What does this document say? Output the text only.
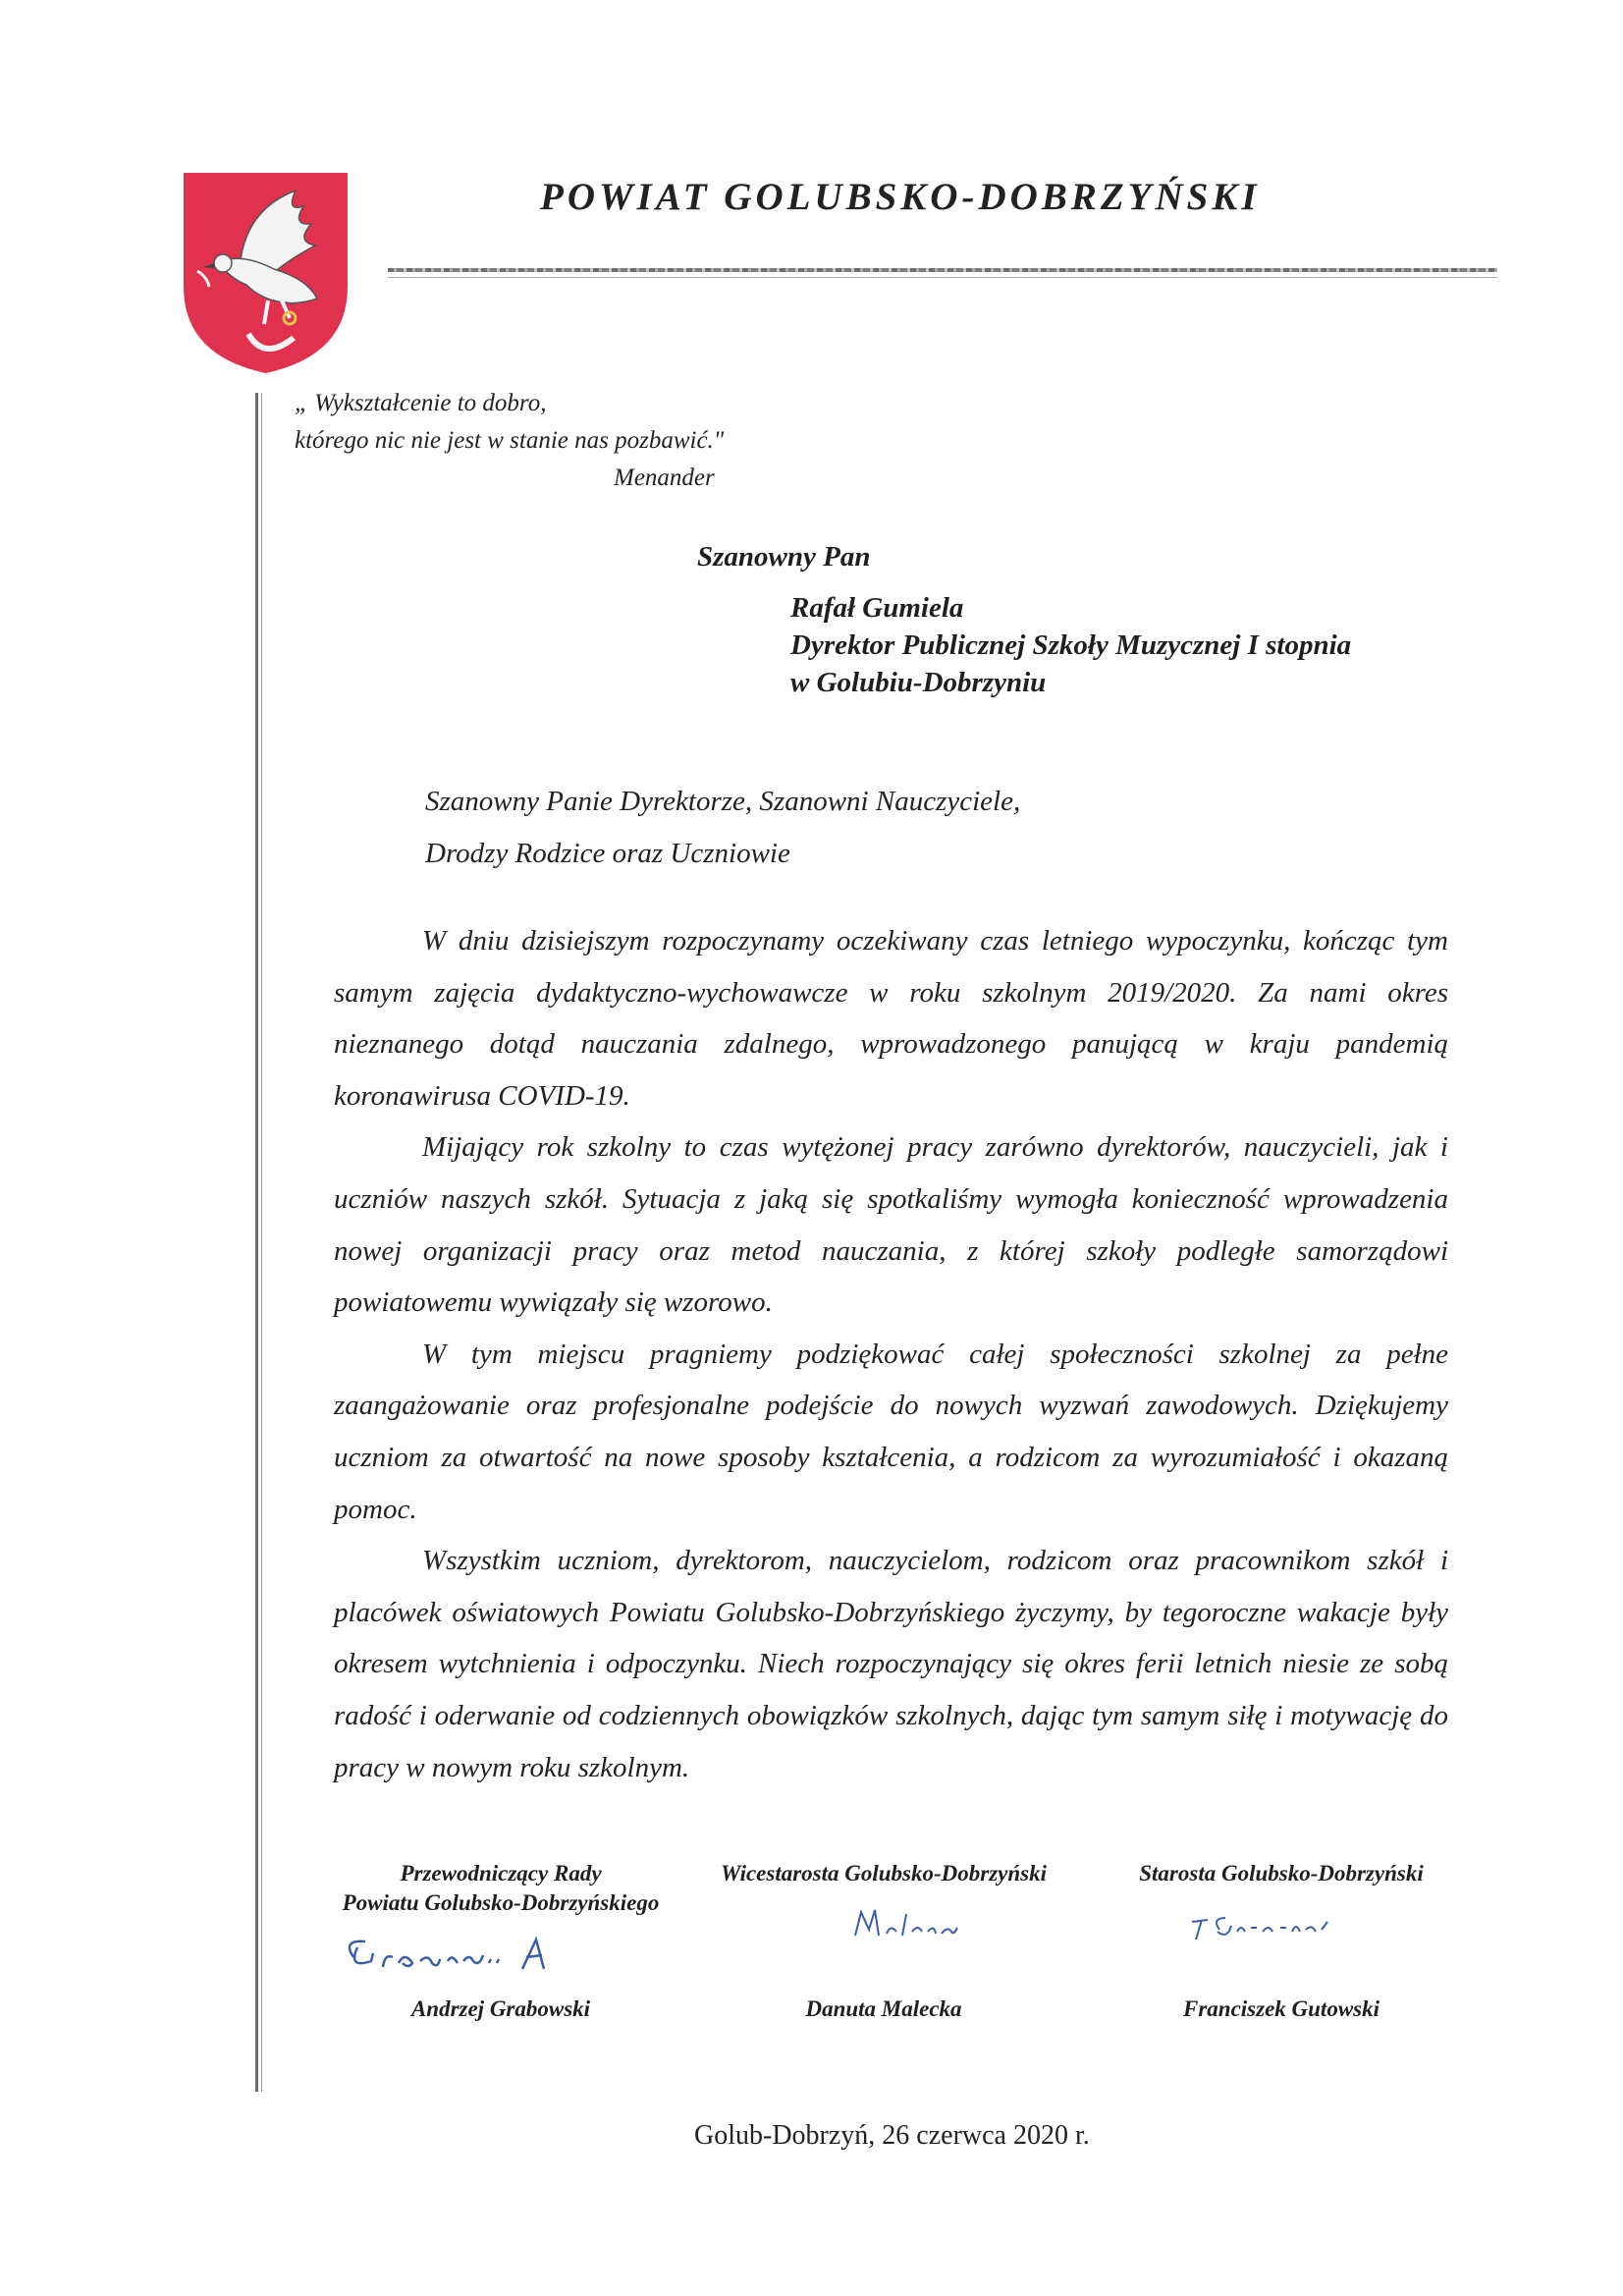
POWIAT GOLUBSKO-DOBRZYŃSKI
„ Wykształcenie to dobro,
którego nic nie jest w stanie nas pozbawić."
Menander
Szanowny Pan
Rafał Gumiela
Dyrektor Publicznej Szkoły Muzycznej I stopnia
w Golubiu-Dobrzyniu
Szanowny Panie Dyrektorze, Szanowni Nauczyciele,
Drodzy Rodzice oraz Uczniowie

W dniu dzisiejszym rozpoczynamy oczekiwany czas letniego wypoczynku, kończąc tym samym zajęcia dydaktyczno-wychowawcze w roku szkolnym 2019/2020. Za nami okres nieznanego dotąd nauczania zdalnego, wprowadzonego panującą w kraju pandemią koronawirusa COVID-19.

Mijający rok szkolny to czas wytężonej pracy zarówno dyrektorów, nauczycieli, jak i uczniów naszych szkół. Sytuacja z jaką się spotkaliśmy wymogła konieczność wprowadzenia nowej organizacji pracy oraz metod nauczania, z której szkoły podległe samorządowi powiatowemu wywiązały się wzorowo.

W tym miejscu pragniemy podziękować całej społeczności szkolnej za pełne zaangażowanie oraz profesjonalne podejście do nowych wyzwań zawodowych. Dziękujemy uczniom za otwartość na nowe sposoby kształcenia, a rodzicom za wyrozumiałość i okazaną pomoc.

Wszystkim uczniom, dyrektorom, nauczycielom, rodzicom oraz pracownikom szkół i placówek oświatowych Powiatu Golubsko-Dobrzyńskiego życzymy, by tegoroczne wakacje były okresem wytchnienia i odpoczynku. Niech rozpoczynający się okres ferii letnich niesie ze sobą radość i oderwanie od codziennych obowiązków szkolnych, dając tym samym siłę i motywację do pracy w nowym roku szkolnym.

Przewodniczący Rady
Powiatu Golubsko-Dobrzyńskiego
Andrzej Grabowski
Wicestarosta Golubsko-Dobrzyński
Danuta Malecka
Starosta Golubsko-Dobrzyński
Franciszek Gutowski
Golub-Dobrzyń, 26 czerwca 2020 r.
